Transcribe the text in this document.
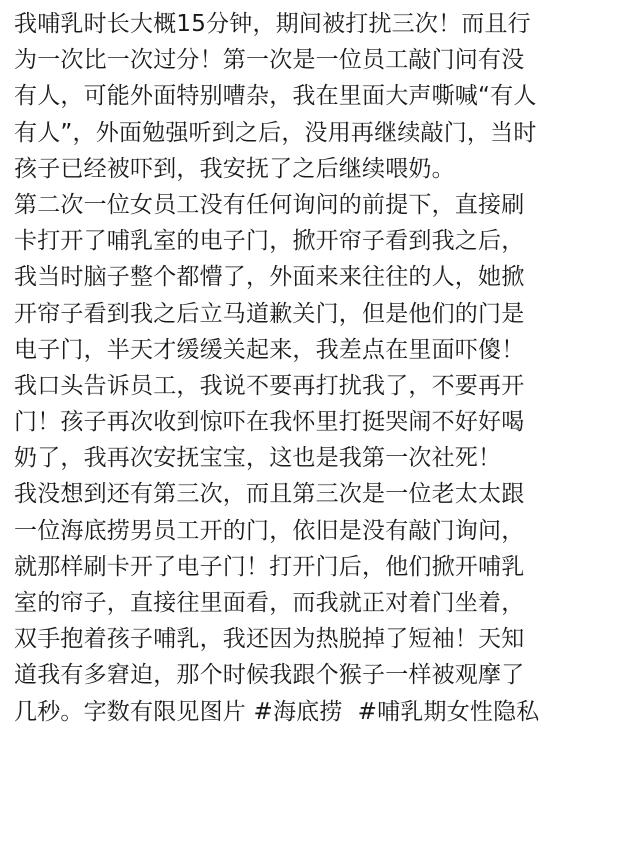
我哺乳时长大概15分钟，期间被打扰三次！而且行
为一次比一次过分！第一次是一位员工敲门问有没
有人，可能外面特别嘈杂，我在里面大声嘶喊“有人
有人”，外面勉强听到之后，没用再继续敲门，当时
孩子已经被吓到，我安抚了之后继续喂奶。
第二次一位女员工没有任何询问的前提下，直接刷
卡打开了哺乳室的电子门，掀开帘子看到我之后，
我当时脑子整个都懵了，外面来来往往的人，她掀
开帘子看到我之后立马道歉关门，但是他们的门是
电子门，半天才缓缓关起来，我差点在里面吓傻！
我口头告诉员工，我说不要再打扰我了，不要再开
门！孩子再次收到惊吓在我怀里打挺哭闹不好好喝
奶了，我再次安抚宝宝，这也是我第一次社死！
我没想到还有第三次，而且第三次是一位老太太跟
一位海底捞男员工开的门，依旧是没有敲门询问，
就那样刷卡开了电子门！打开门后，他们掀开哺乳
室的帘子，直接往里面看，而我就正对着门坐着，
双手抱着孩子哺乳，我还因为热脱掉了短袖！天知
道我有多窘迫，那个时候我跟个猴子一样被观摩了
几秒。字数有限见图片 #海底捞 #哺乳期女性隐私
